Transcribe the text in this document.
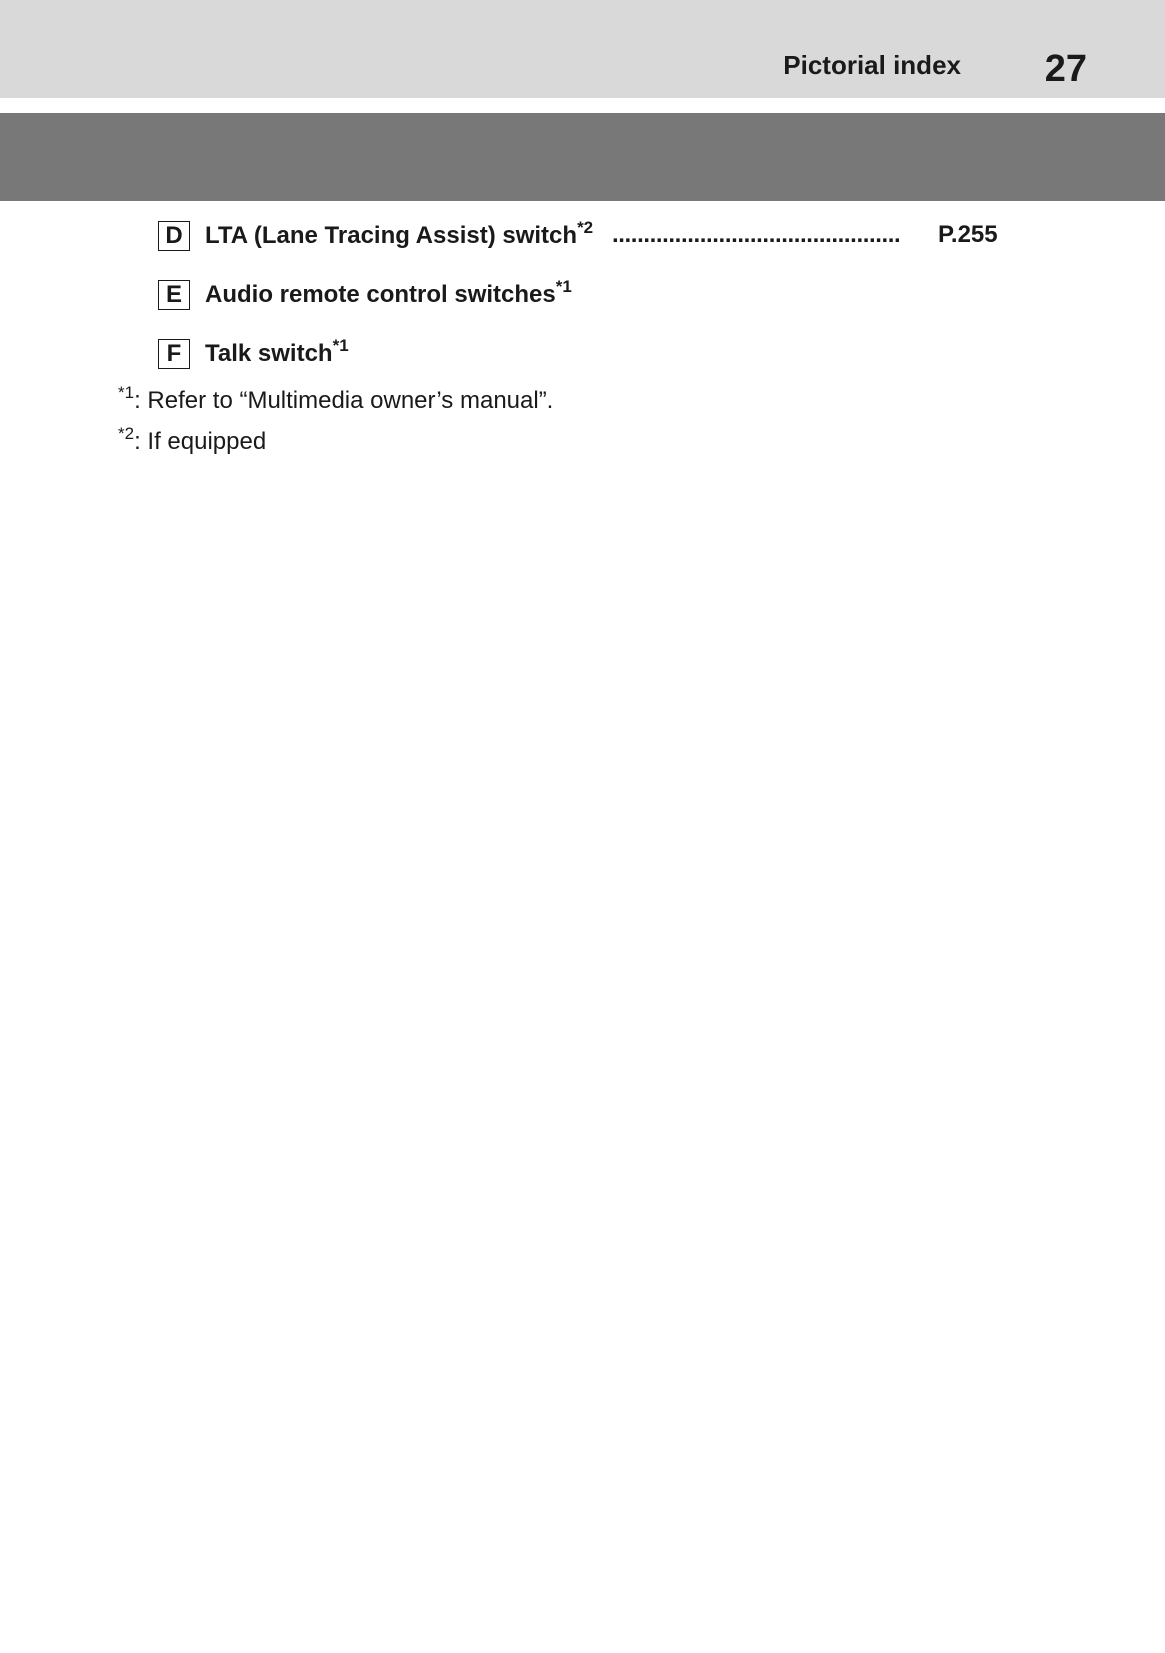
Pictorial index 27
D LTA (Lane Tracing Assist) switch$^{*2}$ ..............................................	P.255
E Audio remote control switches$^{*1}$
F Talk switch$^{*1}$
$^{*1}$: Refer to “Multimedia owner’s manual”.
$^{*2}$: If equipped
